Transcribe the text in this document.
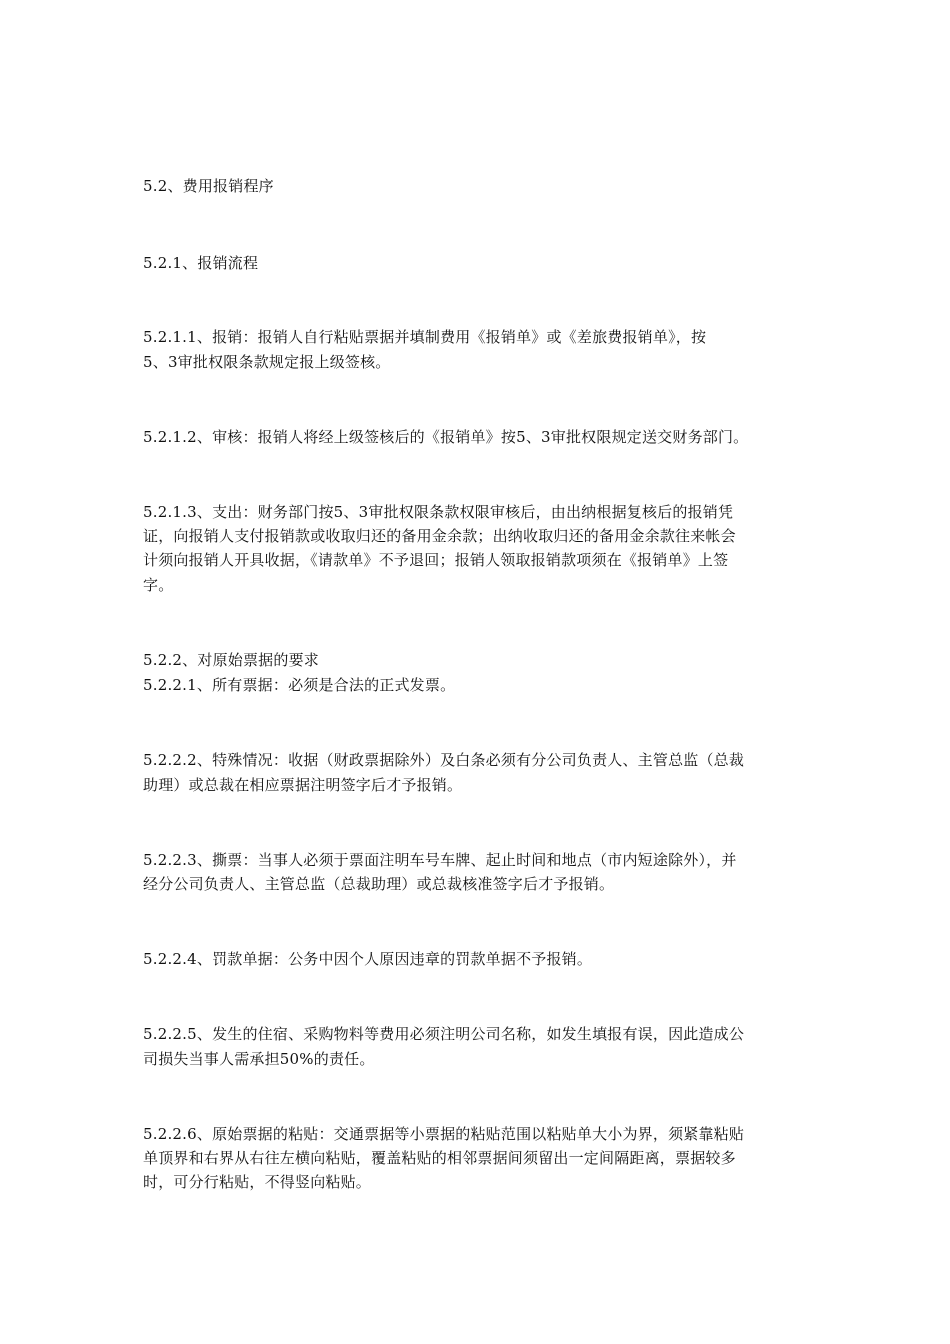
5.2、费用报销程序
5.2.1、报销流程
5.2.1.1、报销：报销人自行粘贴票据并填制费用《报销单》或《差旅费报销单》，按
5、3审批权限条款规定报上级签核。
5.2.1.2、审核：报销人将经上级签核后的《报销单》按5、3审批权限规定送交财务部门。
5.2.1.3、支出：财务部门按5、3审批权限条款权限审核后，由出纳根据复核后的报销凭
证，向报销人支付报销款或收取归还的备用金余款；出纳收取归还的备用金余款往来帐会
计须向报销人开具收据，《请款单》不予退回；报销人领取报销款项须在《报销单》上签
字。
5.2.2、对原始票据的要求
5.2.2.1、所有票据：必须是合法的正式发票。
5.2.2.2、特殊情况：收据（财政票据除外）及白条必须有分公司负责人、主管总监（总裁
助理）或总裁在相应票据注明签字后才予报销。
5.2.2.3、撕票：当事人必须于票面注明车号车牌、起止时间和地点（市内短途除外），并
经分公司负责人、主管总监（总裁助理）或总裁核准签字后才予报销。
5.2.2.4、罚款单据：公务中因个人原因违章的罚款单据不予报销。
5.2.2.5、发生的住宿、采购物料等费用必须注明公司名称，如发生填报有误，因此造成公
司损失当事人需承担50%的责任。
5.2.2.6、原始票据的粘贴：交通票据等小票据的粘贴范围以粘贴单大小为界，须紧靠粘贴
单顶界和右界从右往左横向粘贴，覆盖粘贴的相邻票据间须留出一定间隔距离，票据较多
时，可分行粘贴，不得竖向粘贴。
